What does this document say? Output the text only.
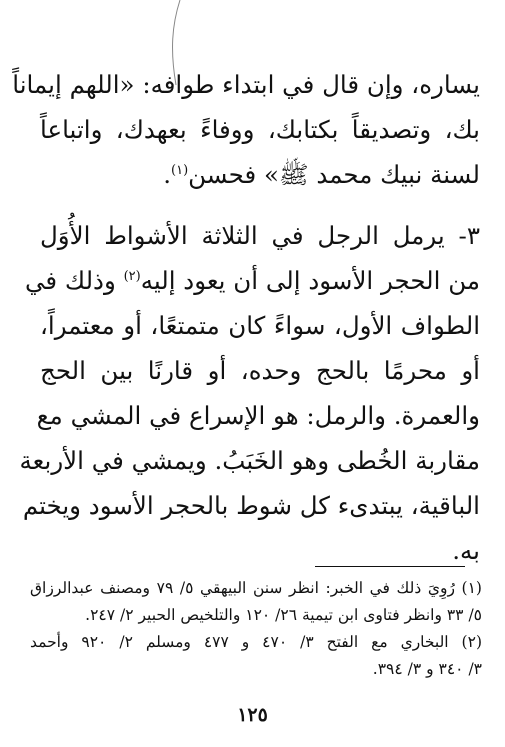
يساره، وإن قال في ابتداء طوافه: «اللهم إيماناً
بك، وتصديقاً بكتابك، ووفاءً بعهدك، واتباعاً
لسنة نبيك محمد ﷺ» فحسن$^{(١)}$.
٣- يرمل الرجل في الثلاثة الأشواط الأُوَل
من الحجر الأسود إلى أن يعود إليه$^{(٢)}$ وذلك في
الطواف الأول، سواءً كان متمتعًا، أو معتمراً،
أو محرمًا بالحج وحده، أو قارنًا بين الحج
والعمرة. والرمل: هو الإسراع في المشي مع
مقاربة الخُطى وهو الخَبَبُ. ويمشي في الأربعة
الباقية، يبتدىء كل شوط بالحجر الأسود ويختم
به.
(١) رُوِيَ ذلك في الخبر: انظر سنن البيهقي ٥/ ٧٩ ومصنف عبدالرزاق
٥/ ٣٣ وانظر فتاوى ابن تيمية ٢٦/ ١٢٠ والتلخيص الحبير ٢/ ٢٤٧.
(٢) البخاري مع الفتح ٣/ ٤٧٠ و ٤٧٧ ومسلم ٢/ ٩٢٠ وأحمد
٣/ ٣٤٠ و ٣/ ٣٩٤.
١٢٥
